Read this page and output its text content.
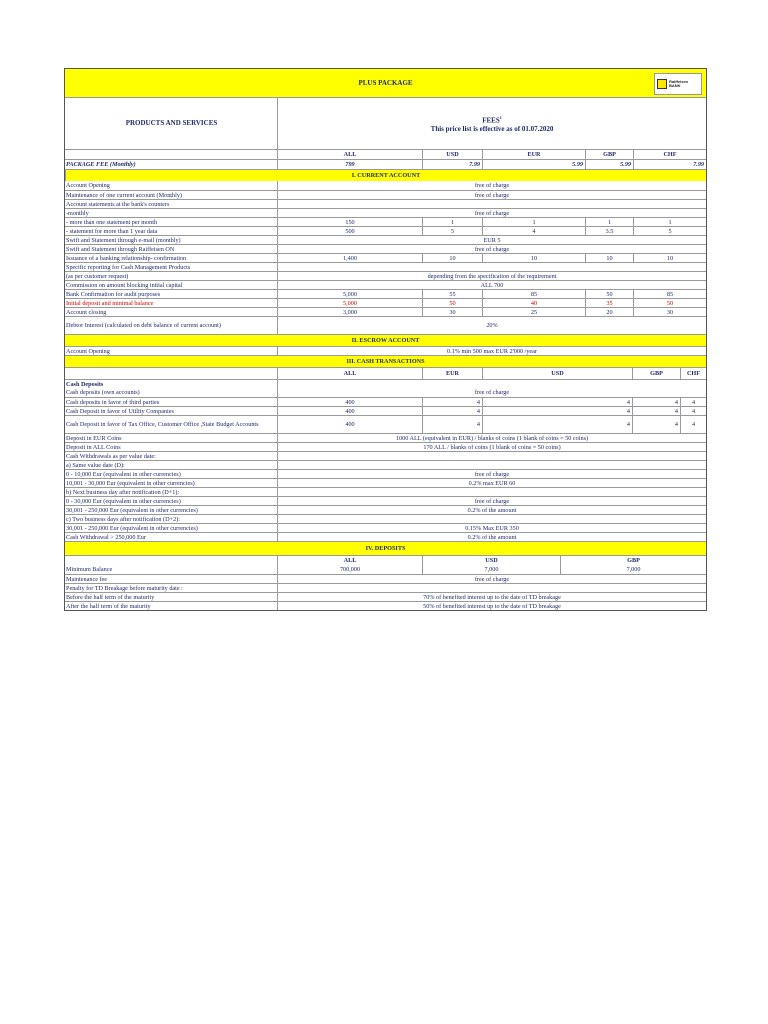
PLUS PACKAGE	Raiffeisen
BANK
PRODUCTS AND SERVICES	FEES$^1$
This price list is effective as of 01.07.2020
ALL	USD	EUR	GBP	CHF
PACKAGE FEE (Monthly)	799	7.99	5.99	5.99	7.99
I. CURRENT ACCOUNT
Account Opening	free of charge
Maintenance of one current account (Monthly)	free of charge
Account statements at the bank's counters
-monthly	free of charge
- more than one statement per month	150	1	1	1	1
- statement for more than 1 year data	500	5	4	3.5	5
Swift and Statement through e-mail (monthly)	EUR 5
Swift and Statement through Raiffeisen ON	free of charge
Issuance of a banking relationship- confirmation	1,400	10	10	10	10
Specific reporting for Cash Management Products
(as per customer request)	depending from the specification of the requirement
Commission on amount blocking initial capital	ALL 700
Bank Confirmation for audit purposes	5,000	55	85	50	85
Initial deposit and minimal balance	5,000	50	40	35	50
Account closing	3,000	30	25	20	30
Debtor Interest (calculated on debt balance of current account)	20%
II. ESCROW ACCOUNT
Account Opening	0.1% min 500 max EUR 2'000 /year
III. CASH TRANSACTIONS
ALL	EUR	USD	GBP	CHF
Cash Deposits
Cash deposits (own accounts)	free of charge
Cash deposits in favor of third parties	400	4	4	4	4
Cash Deposit in favor of Utility Companies	400	4	4	4	4
Cash Deposit in favor of Tax Office, Customer Office ,State Budget Accounts	400	4	4	4	4
Deposit in EUR Coins	1000 ALL (equivalent in EUR) / blanks of coins (1 blank of coins = 50 coins)
Deposit in ALL Coins	170 ALL / blanks of coins (1 blank of coins = 50 coins)
Cash Withdrawals as per value date:
a) Same value date (D):
0 - 10,000 Eur (equivalent in other currencies)	free of charge
10,001 - 30,000 Eur (equivalent in other currencies)	0.2% max EUR 60
b) Next business day after notification (D+1):
0 - 30,000 Eur (equivalent in other currencies)	free of charge
30,001 - 250,000 Eur (equivalent in other currencies)	0.2% of the amount
c) Two business days after notification (D+2):
30,001 - 250,000 Eur (equivalent in other currencies)	0.15% Max EUR 350
Cash Withdrawal > 250,000 Eur	0.2% of the amount
IV. DEPOSITS
ALL	USD	GBP
Minimum Balance	700,000	7,000	7,000
Maintenance fee	free of charge
Penalty for TD Breakage before maturity date :
Before the half term of the maturity	70% of benefited interest up to the date of TD breakage
After the half term of the maturity	50% of benefited interest up to the date of TD breakage
